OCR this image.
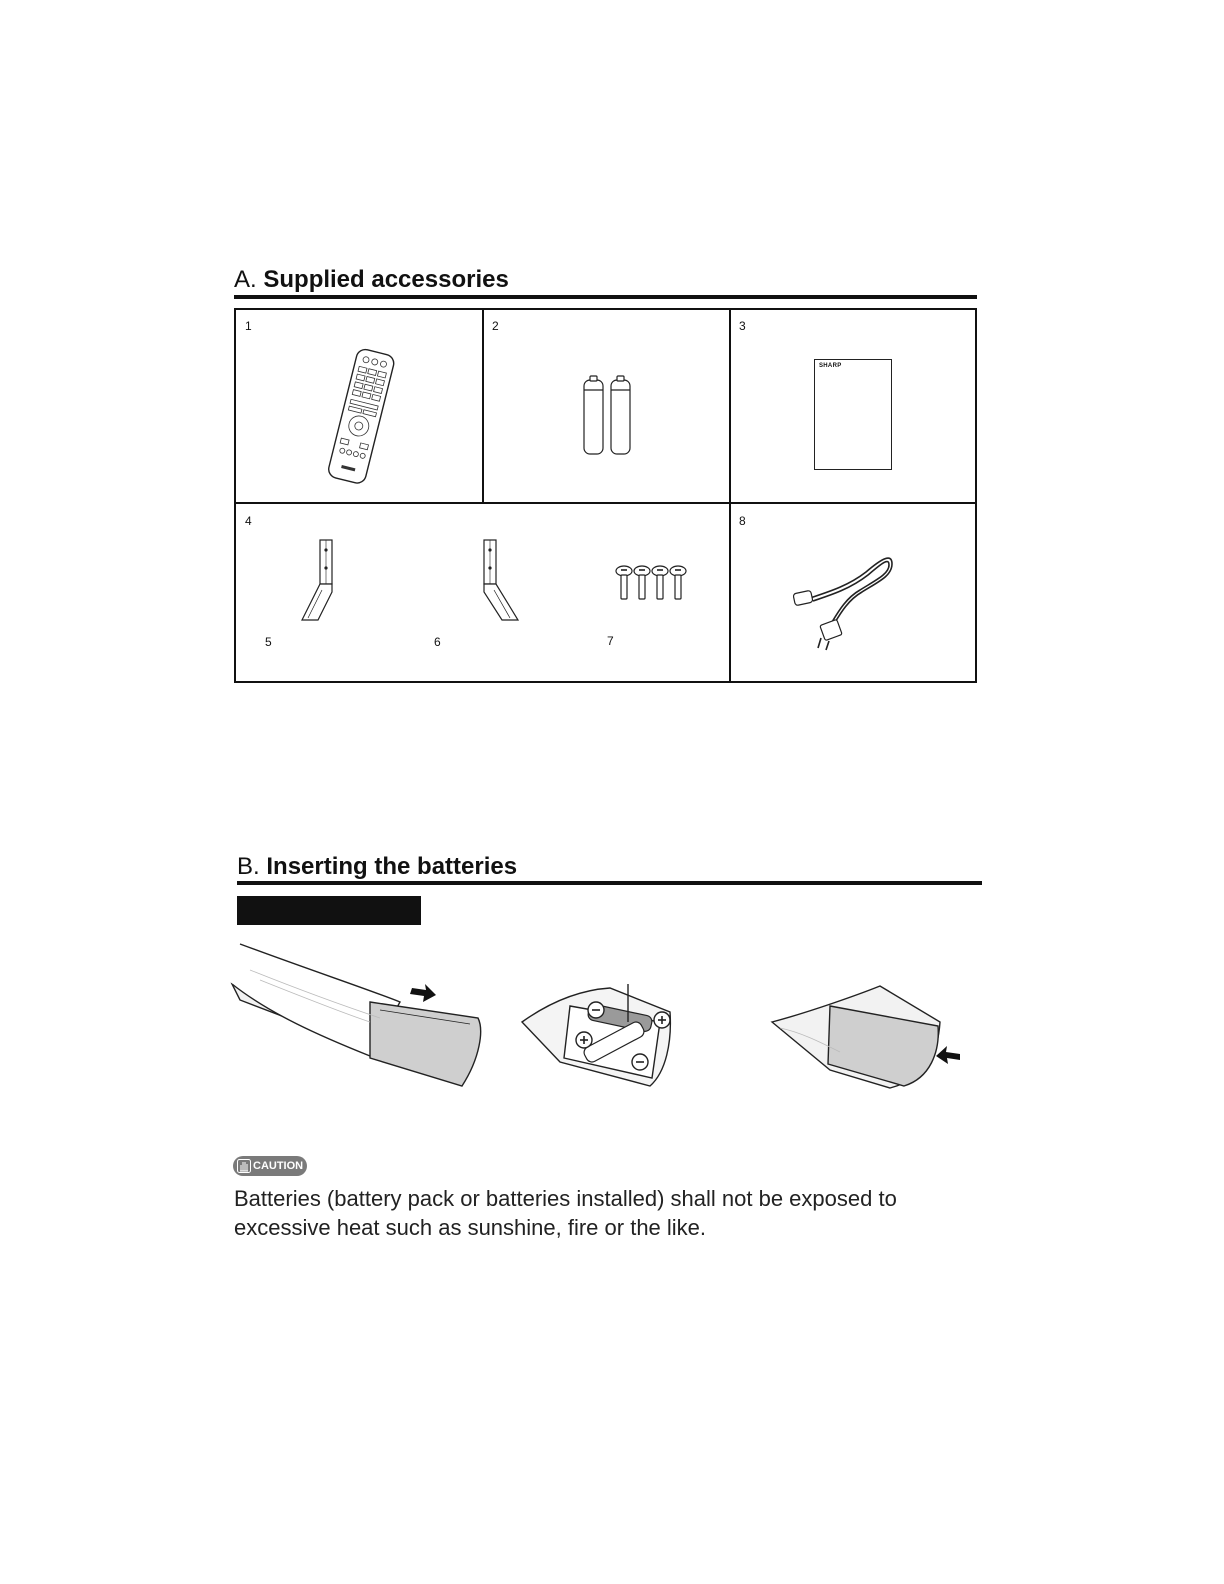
A. Supplied accessories
1	2	3
SHARP
4
5	6	7
8
B. Inserting the batteries
CAUTION
Batteries (battery pack or batteries installed) shall not be exposed to excessive heat such as sunshine, fire or the like.
